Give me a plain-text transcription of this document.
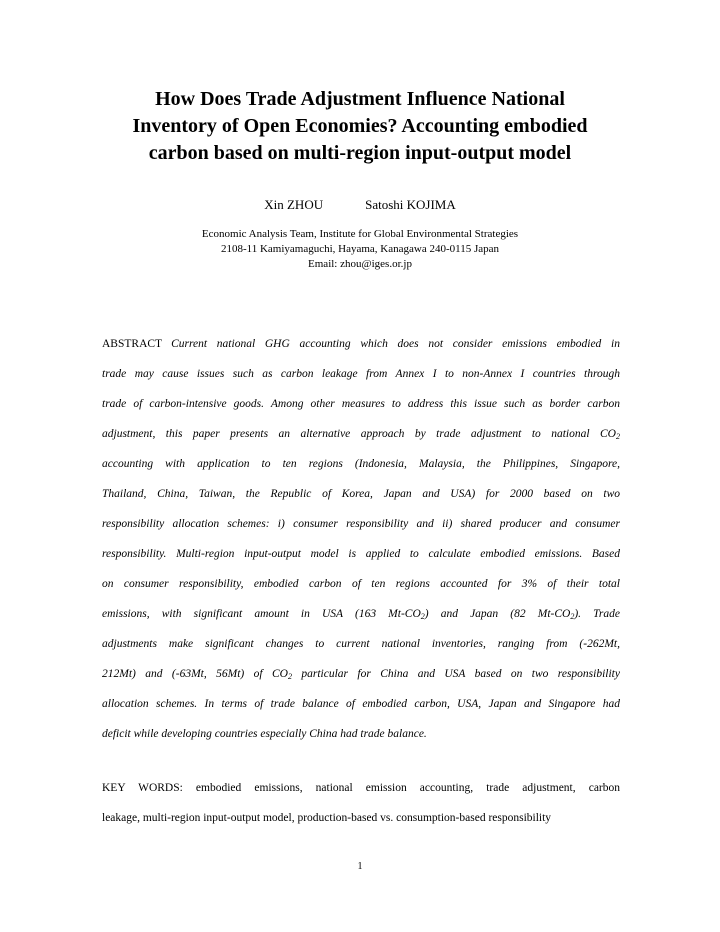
How Does Trade Adjustment Influence National
Inventory of Open Economies? Accounting embodied
carbon based on multi-region input-output model
Xin ZHOU	Satoshi KOJIMA
Economic Analysis Team, Institute for Global Environmental Strategies
2108-11 Kamiyamaguchi, Hayama, Kanagawa 240-0115 Japan
Email: zhou@iges.or.jp
ABSTRACT Current national GHG accounting which does not consider emissions embodied in
trade may cause issues such as carbon leakage from Annex I to non-Annex I countries through
trade of carbon-intensive goods. Among other measures to address this issue such as border carbon
adjustment, this paper presents an alternative approach by trade adjustment to national $CO_2$
accounting with application to ten regions (Indonesia, Malaysia, the Philippines, Singapore,
Thailand, China, Taiwan, the Republic of Korea, Japan and USA) for 2000 based on two
responsibility allocation schemes: i) consumer responsibility and ii) shared producer and consumer
responsibility. Multi-region input-output model is applied to calculate embodied emissions. Based
on consumer responsibility, embodied carbon of ten regions accounted for 3% of their total
emissions, with significant amount in USA (163 $Mt-CO_2$) and Japan (82 $Mt-CO_2$). Trade
adjustments make significant changes to current national inventories, ranging from (-262Mt,
212Mt) and (-63Mt, 56Mt) of $CO_2$ particular for China and USA based on two responsibility
allocation schemes. In terms of trade balance of embodied carbon, USA, Japan and Singapore had
deficit while developing countries especially China had trade balance.
KEY WORDS: embodied emissions, national emission accounting, trade adjustment, carbon
leakage, multi-region input-output model, production-based vs. consumption-based responsibility
1
